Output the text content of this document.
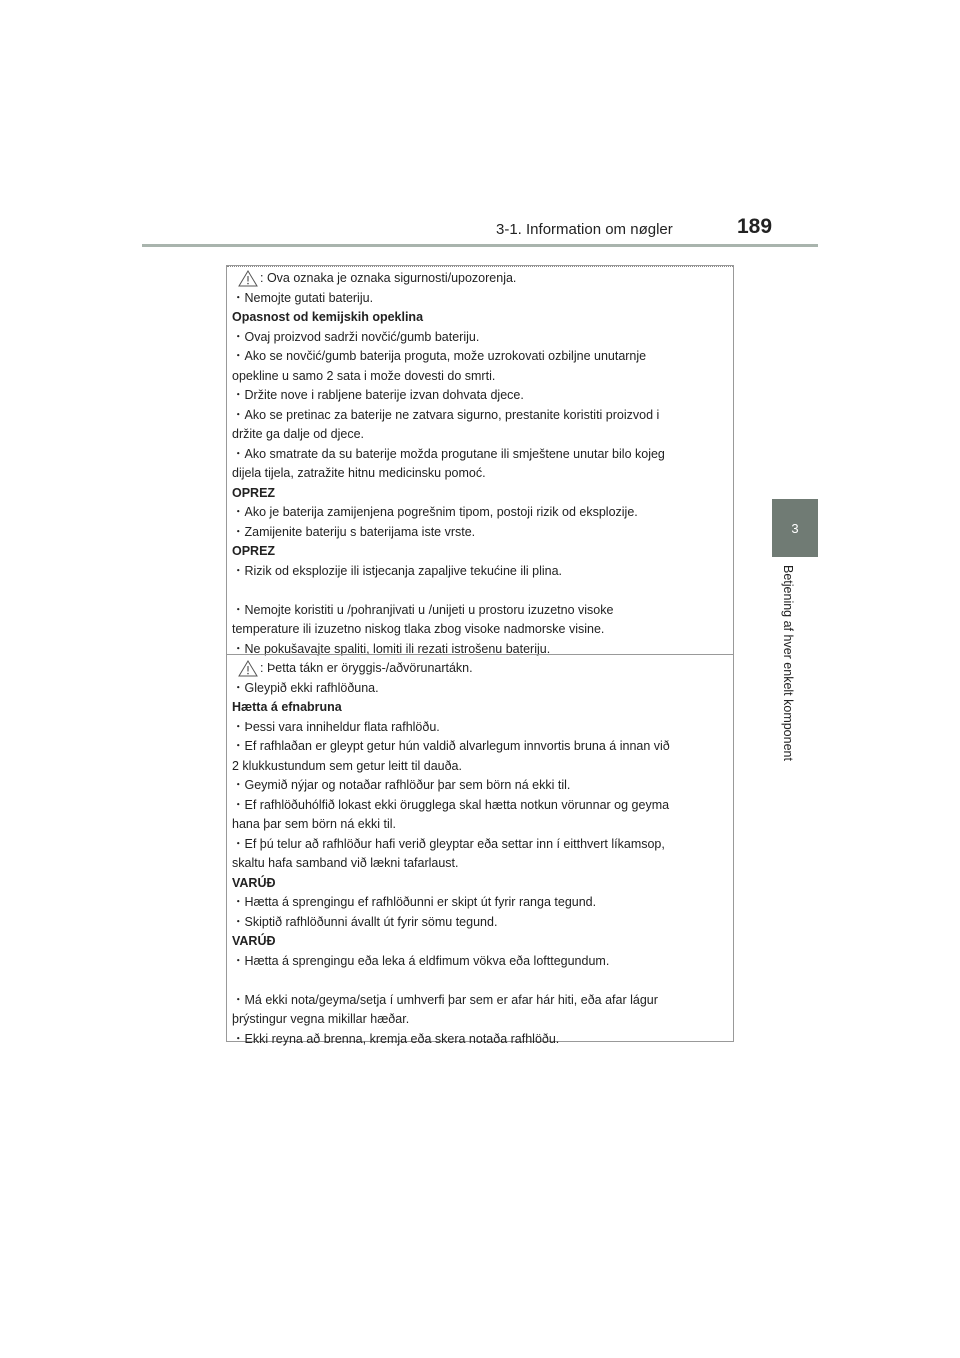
3-1. Information om nøgler	189
3
Betjening af hver enkelt komponent
: Ova oznaka je oznaka sigurnosti/upozorenja.
・Nemojte gutati bateriju.
Opasnost od kemijskih opeklina
・Ovaj proizvod sadrži novčić/gumb bateriju.
・Ako se novčić/gumb baterija proguta, može uzrokovati ozbiljne unutarnje
opekline u samo 2 sata i može dovesti do smrti.
・Držite nove i rabljene baterije izvan dohvata djece.
・Ako se pretinac za baterije ne zatvara sigurno, prestanite koristiti proizvod i
držite ga dalje od djece.
・Ako smatrate da su baterije možda progutane ili smještene unutar bilo kojeg
dijela tijela, zatražite hitnu medicinsku pomoć.
OPREZ
・Ako je baterija zamijenjena pogrešnim tipom, postoji rizik od eksplozije.
・Zamijenite bateriju s baterijama iste vrste.
OPREZ
・Rizik od eksplozije ili istjecanja zapaljive tekućine ili plina.
・Nemojte koristiti u /pohranjivati u /unijeti u prostoru izuzetno visoke
temperature ili izuzetno niskog tlaka zbog visoke nadmorske visine.
・Ne pokušavajte spaliti, lomiti ili rezati istrošenu bateriju.
: Þetta tákn er öryggis-/aðvörunartákn.
・Gleypið ekki rafhlöðuna.
Hætta á efnabruna
・Þessi vara inniheldur flata rafhlöðu.
・Ef rafhlaðan er gleypt getur hún valdið alvarlegum innvortis bruna á innan við
2 klukkustundum sem getur leitt til dauða.
・Geymið nýjar og notaðar rafhlöður þar sem börn ná ekki til.
・Ef rafhlöðuhólfið lokast ekki örugglega skal hætta notkun vörunnar og geyma
hana þar sem börn ná ekki til.
・Ef þú telur að rafhlöður hafi verið gleyptar eða settar inn í eitthvert líkamsop,
skaltu hafa samband við lækni tafarlaust.
VARÚÐ
・Hætta á sprengingu ef rafhlöðunni er skipt út fyrir ranga tegund.
・Skiptið rafhlöðunni ávallt út fyrir sömu tegund.
VARÚÐ
・Hætta á sprengingu eða leka á eldfimum vökva eða lofttegundum.
・Má ekki nota/geyma/setja í umhverfi þar sem er afar hár hiti, eða afar lágur
þrýstingur vegna mikillar hæðar.
・Ekki reyna að brenna, kremja eða skera notaða rafhlöðu.
